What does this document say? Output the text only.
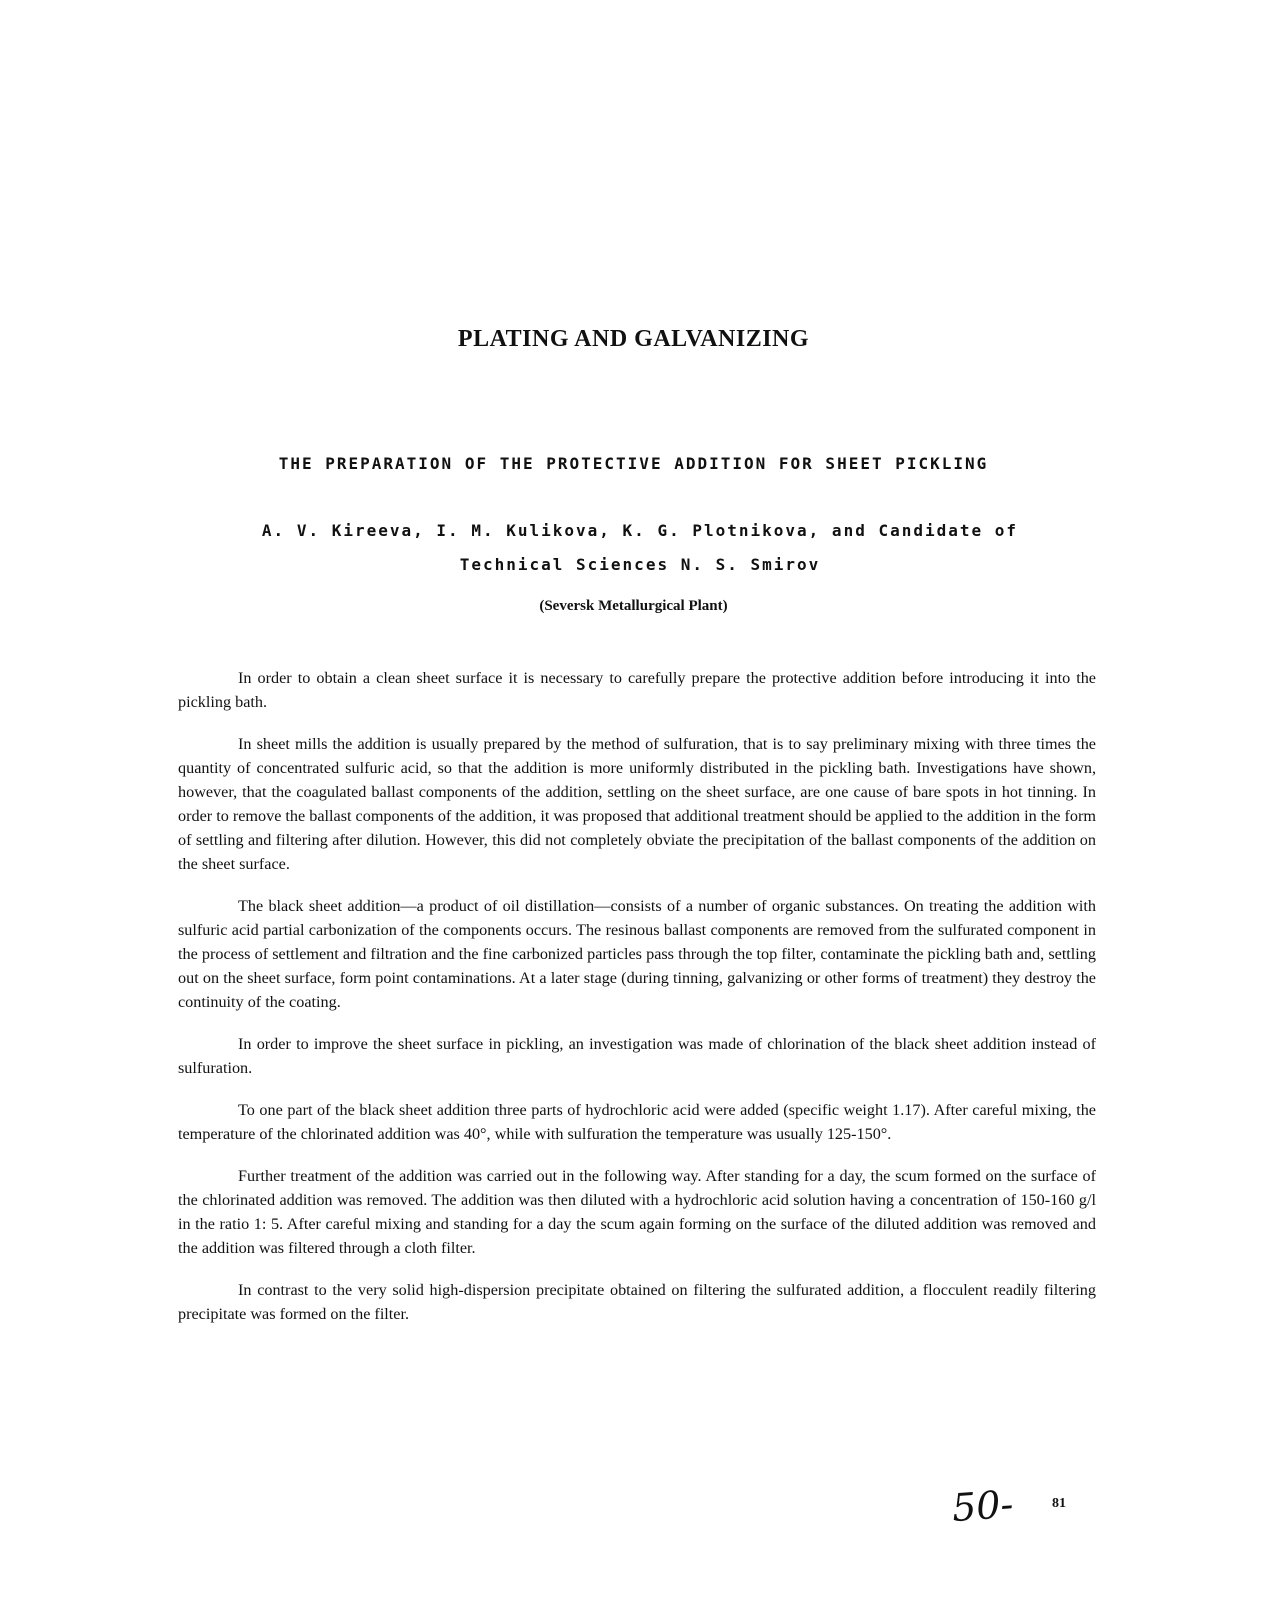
PLATING AND GALVANIZING
THE PREPARATION OF THE PROTECTIVE ADDITION FOR SHEET PICKLING
A. V. Kireeva, I. M. Kulikova, K. G. Plotnikova, and Candidate of Technical Sciences N. S. Smirov
(Seversk Metallurgical Plant)

In order to obtain a clean sheet surface it is necessary to carefully prepare the protective addition before introducing it into the pickling bath.

In sheet mills the addition is usually prepared by the method of sulfuration, that is to say preliminary mixing with three times the quantity of concentrated sulfuric acid, so that the addition is more uniformly distributed in the pickling bath. Investigations have shown, however, that the coagulated ballast components of the addition, settling on the sheet surface, are one cause of bare spots in hot tinning. In order to remove the ballast components of the addition, it was proposed that additional treatment should be applied to the addition in the form of settling and filtering after dilution. However, this did not completely obviate the precipitation of the ballast components of the addition on the sheet surface.

The black sheet addition—a product of oil distillation—consists of a number of organic substances. On treating the addition with sulfuric acid partial carbonization of the components occurs. The resinous ballast components are removed from the sulfurated component in the process of settlement and filtration and the fine carbonized particles pass through the top filter, contaminate the pickling bath and, settling out on the sheet surface, form point contaminations. At a later stage (during tinning, galvanizing or other forms of treatment) they destroy the continuity of the coating.

In order to improve the sheet surface in pickling, an investigation was made of chlorination of the black sheet addition instead of sulfuration.

To one part of the black sheet addition three parts of hydrochloric acid were added (specific weight 1.17). After careful mixing, the temperature of the chlorinated addition was 40°, while with sulfuration the temperature was usually 125-150°.

Further treatment of the addition was carried out in the following way. After standing for a day, the scum formed on the surface of the chlorinated addition was removed. The addition was then diluted with a hydrochloric acid solution having a concentration of 150-160 g/l in the ratio 1: 5. After careful mixing and standing for a day the scum again forming on the surface of the diluted addition was removed and the addition was filtered through a cloth filter.

In contrast to the very solid high-dispersion precipitate obtained on filtering the sulfurated addition, a flocculent readily filtering precipitate was formed on the filter.

50-	81
